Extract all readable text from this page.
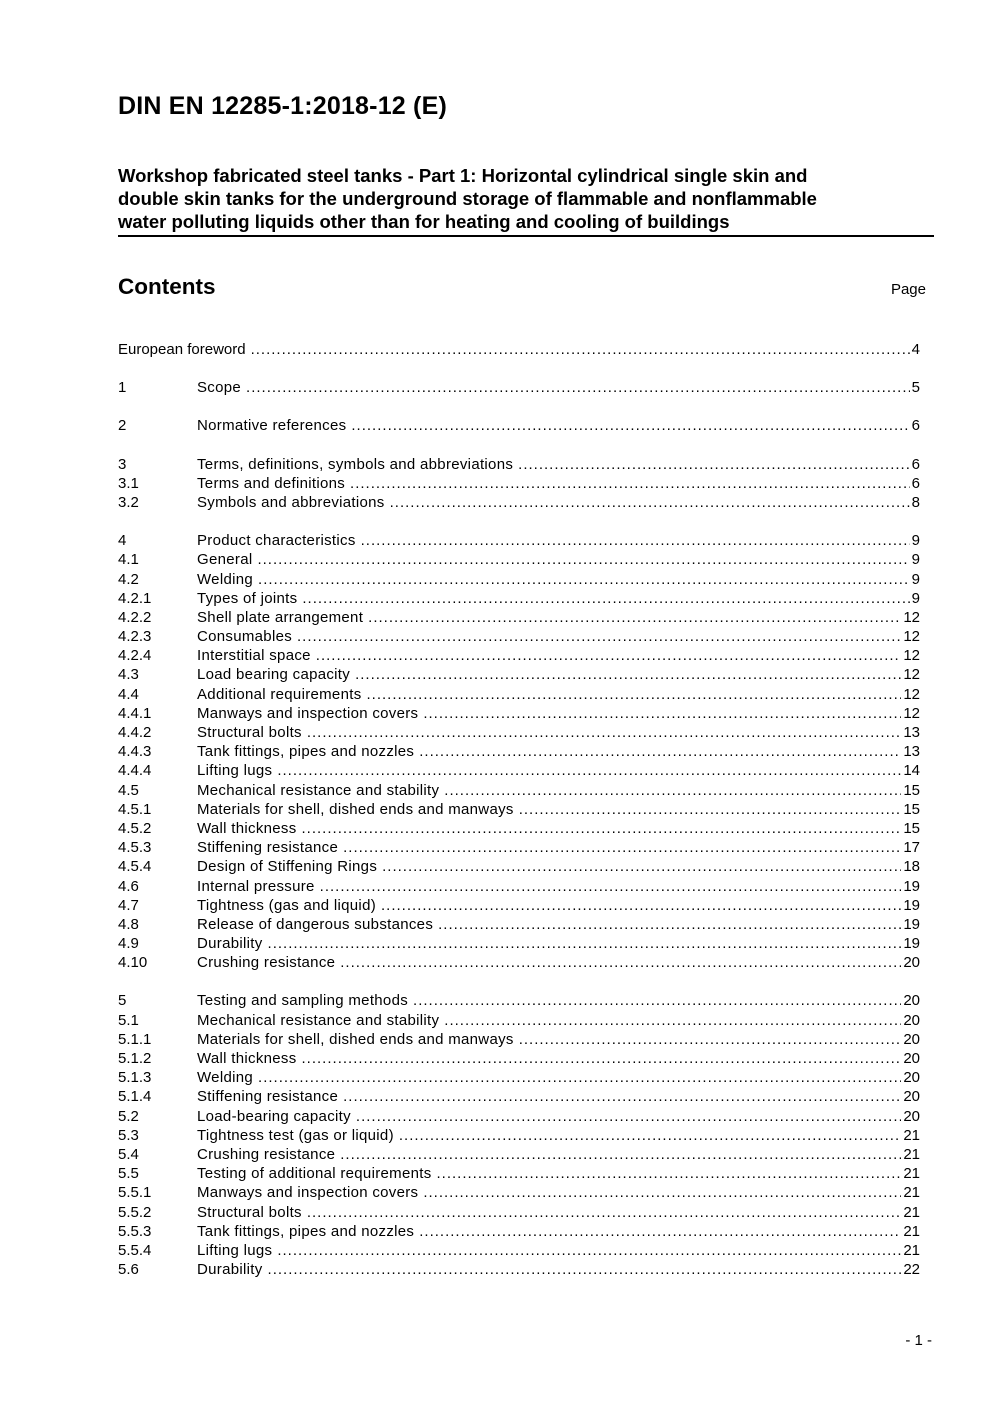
DIN EN 12285-1:2018-12 (E)
Workshop fabricated steel tanks - Part 1: Horizontal cylindrical single skin and
double skin tanks for the underground storage of flammable and nonflammable
water polluting liquids other than for heating and cooling of buildings
Contents	Page

European foreword .....	4
1	Scope .....	5
2	Normative references .....	6
3	Terms, definitions, symbols and abbreviations .....	6
3.1	Terms and definitions .....	6
3.2	Symbols and abbreviations .....	8
4	Product characteristics .....	9
4.1	General .....	9
4.2	Welding .....	9
4.2.1	Types of joints .....	9
4.2.2	Shell plate arrangement .....	12
4.2.3	Consumables .....	12
4.2.4	Interstitial space .....	12
4.3	Load bearing capacity .....	12
4.4	Additional requirements .....	12
4.4.1	Manways and inspection covers .....	12
4.4.2	Structural bolts .....	13
4.4.3	Tank fittings, pipes and nozzles .....	13
4.4.4	Lifting lugs .....	14
4.5	Mechanical resistance and stability .....	15
4.5.1	Materials for shell, dished ends and manways .....	15
4.5.2	Wall thickness .....	15
4.5.3	Stiffening resistance .....	17
4.5.4	Design of Stiffening Rings .....	18
4.6	Internal pressure .....	19
4.7	Tightness (gas and liquid) .....	19
4.8	Release of dangerous substances .....	19
4.9	Durability .....	19
4.10	Crushing resistance .....	20
5	Testing and sampling methods .....	20
5.1	Mechanical resistance and stability .....	20
5.1.1	Materials for shell, dished ends and manways .....	20
5.1.2	Wall thickness .....	20
5.1.3	Welding .....	20
5.1.4	Stiffening resistance .....	20
5.2	Load-bearing capacity .....	20
5.3	Tightness test (gas or liquid) .....	21
5.4	Crushing resistance .....	21
5.5	Testing of additional requirements .....	21
5.5.1	Manways and inspection covers .....	21
5.5.2	Structural bolts .....	21
5.5.3	Tank fittings, pipes and nozzles .....	21
5.5.4	Lifting lugs .....	21
5.6	Durability .....	22

- 1 -
